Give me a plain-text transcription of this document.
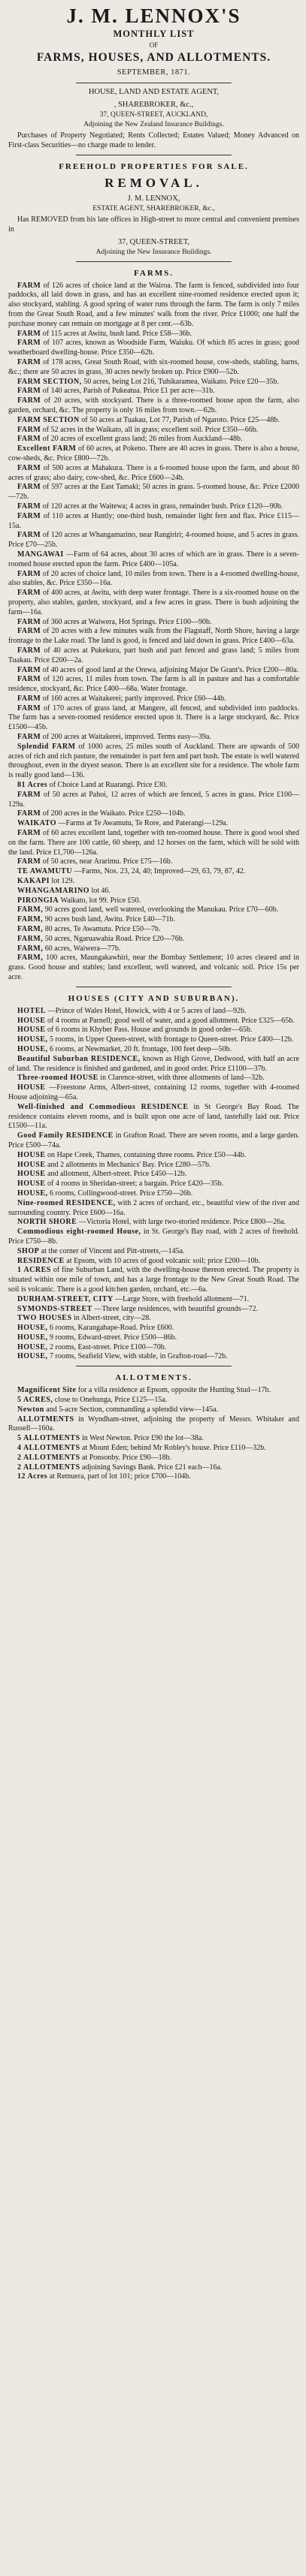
J. M. LENNOX'S

MONTHLY LIST

OF

FARMS, HOUSES, AND ALLOTMENTS.

SEPTEMBER, 1871.

HOUSE, LAND AND ESTATE AGENT,

, SHAREBROKER, &c.,

37, QUEEN-STREET, AUCKLAND,

Adjoining the New Zealand Insurance Buildings.

Purchases of Property Negotiated; Rents Collected; Estates Valued; Money Advanced on First-class Securities—no charge made to lender.

FREEHOLD PROPERTIES FOR SALE.

REMOVAL.

J. M. LENNOX,

ESTATE AGENT, SHAREBROKER, &c.,

Has REMOVED from his late offices in High-street to more central and convenient premises in

37, QUEEN-STREET,

Adjoining the New Insurance Buildings.

FARMS.

FARM of 126 acres of choice land at the Wairoa. The farm is fenced, subdivided into four paddocks, all laid down in grass, and has an excellent nine-roomed residence erected upon it; also stockyard, stabling. A good spring of water runs through the farm. The farm is only 7 miles from the Great South Road, and a few minutes' walk from the river. Price £1000; one half the purchase money can remain on mortgage at 8 per cent.—63b.

FARM of 115 acres at Awitu, bush land. Price £58—36b.

FARM of 107 acres, known as Woodside Farm, Waiuku. Of which 85 acres in grass; good weatherboard dwelling-house. Price £350—62b.

FARM of 178 acres, Great South Road, with six-roomed house, cow-sheds, stabling, barns, &c.; there are 50 acres in grass, 30 acres newly broken up. Price £900—52b.

FARM SECTION, 50 acres, being Lot 216, Tuhikaramea, Waikato. Price £20—35b.

FARM of 140 acres, Parish of Pukeatua. Price £1 per acre—31b.

FARM of 20 acres, with stockyard. There is a three-roomed house upon the farm, also garden, orchard, &c. The property is only 16 miles from town.—62b.

FARM SECTION of 50 acres at Tuakau, Lot 77, Parish of Ngaroto. Price £25—48b.

FARM of 52 acres in the Waikato, all in grass; excellent soil. Price £350—66b.

FARM of 20 acres of excellent grass land; 26 miles from Auckland—48b.

Excellent FARM of 60 acres, at Pokeno. There are 40 acres in grass. There is also a house, cow-sheds, &c. Price £800—72b.

FARM of 500 acres at Mahakura. There is a 6-roomed house upon the farm, and about 80 acres of grass; also dairy, cow-shed, &c. Price £600—24b.

FARM of 597 acres at the East Tamaki; 50 acres in grass. 5-roomed house, &c. Price £2000—72b.

FARM of 120 acres at the Waitewa; 4 acres in grass, remainder bush. Price £120—90b.

FARM of 110 acres at Huntly; one-third bush, remainder light fern and flax. Price £115—15a.

FARM of 120 acres at Whangamarino, near Rangiriri; 4-roomed house, and 5 acres in grass. Price £70—25b.

MANGAWAI —Farm of 64 acres, about 30 acres of which are in grass. There is a seven-roomed house erected upon the farm. Price £400—105a.

FARM of 20 acres of choice land, 10 miles from town. There is a 4-roomed dwelling-house, also stables, &c. Price £350—16a.

FARM of 400 acres, at Awitu, with deep water frontage. There is a six-roomed house on the property, also stables, garden, stockyard, and a few acres in grass. There is bush adjoining the farm—16a.

FARM of 360 acres at Waiwera, Hot Springs. Price £100—90b.

FARM of 20 acres with a few minutes walk from the Flagstaff, North Shore, having a large frontage to the Lake road. The land is good, is fenced and laid down in grass. Price £400—63a.

FARM of 40 acres at Pukekura, part bush and part fenced and grass land; 5 miles from Tuakau. Price £200—2a.

FARM of 40 acres of good land at the Orewa, adjoining Major De Grant's. Price £200—80a.

FARM of 120 acres, 11 miles from town. The farm is all in pasture and has a comfortable residence, stockyard, &c. Price £400—68a. Water frontage.

FARM of 160 acres at Waitakerei; partly improved. Price £60—44b.

FARM of 170 acres of grass land, at Mangere, all fenced, and subdivided into paddocks. The farm has a seven-roomed residence erected upon it. There is a large stockyard, &c. Price £1500—45b.

FARM of 200 acres at Waitakerei, improved. Terms easy—39a.

Splendid FARM of 1000 acres, 25 miles south of Auckland. There are upwards of 500 acres of rich and rich pasture, the remainder is part fern and part bush. The estate is well watered throughout, even in the dryest season. There is an excellent site for a residence. The whole farm is really good land—136.

81 Acres of Choice Land at Ruarangi. Price £30.

FARM of 50 acres at Pahoi, 12 acres of which are fenced, 5 acres in grass. Price £100—129a.

FARM of 200 acres in the Waikato. Price £250—104b.

WAIKATO —Farms at Te Awamutu, Te Rore, and Paterangi—129a.

FARM of 60 acres excellent land, together with ten-roomed house. There is good wool shed on the farm. There are 100 cattle, 60 sheep, and 12 horses on the farm, which will be sold with the land. Price £1,700—126a.

FARM of 50 acres, near Ararimu. Price £75—16b.

TE AWAMUTU —Farms, Nos. 23, 24, 40; Improved—29, 63, 79, 87, 42.

KAKAPI lot 129.

WHANGAMARINO lot 46.

PIRONGIA Waikato, lot 99. Price £50.

FARM, 90 acres good land, well watered, overlooking the Manukau. Price £70—60b.

FARM, 90 acres bush land, Awitu. Price £40—71b.

FARM, 80 acres, Te Awamutu. Price £50—7b.

FARM, 50 acres, Ngaruawahia Road. Price £20—76b.

FARM, 60 acres, Waiwera—77b.

FARM, 100 acres, Maungakawhiri, near the Bombay Settlement; 10 acres cleared and in grass. Good house and stables; land excellent, well watered, and volcanic soil. Price 15s per acre.

HOUSES (CITY AND SUBURBAN).

HOTEL —Prince of Wales Hotel, Howick, with 4 or 5 acres of land—92b.

HOUSE of 4 rooms at Parnell; good well of water, and a good allotment. Price £325—65b.

HOUSE of 6 rooms in Khyber Pass. House and grounds in good order—65b.

HOUSE, 5 rooms, in Upper Queen-street, with frontage to Queen-street. Price £400—12b.

HOUSE, 6 rooms, at Newmarket, 20 ft. frontage, 100 feet deep—50b.

Beautiful Suburban RESIDENCE, known as High Grove, Dedwood, with half an acre of land. The residence is finished and gardened, and in good order. Price £1100—37b.

Three-roomed HOUSE in Clarence-street, with three allotments of land—32b.

HOUSE —Freestone Arms, Albert-street, containing 12 rooms, together with 4-roomed House adjoining—65a.

Well-finished and Commodious RESIDENCE in St George's Bay Road. The residence contains eleven rooms, and is built upon one acre of land, tastefully laid out. Price £1500—11a.

Good Family RESIDENCE in Grafton Road. There are seven rooms, and a large garden. Price £500—74a.

HOUSE on Hape Creek, Thames, containing three rooms. Price £50—44b.

HOUSE and 2 allotments in Mechanics' Bay. Price £280—57b.

HOUSE and allotment, Albert-street. Price £450—12b.

HOUSE of 4 rooms in Sheridan-street; a bargain. Price £420—35b.

HOUSE, 6 rooms, Collingwood-street. Price £750—26b.

Nine-roomed RESIDENCE, with 2 acres of orchard, etc., beautiful view of the river and surrounding country. Price £600—16a.

NORTH SHORE —Victoria Hotel, with large two-storied residence. Price £800—26a.

Commodious eight-roomed House, in St. George's Bay road, with 2 acres of freehold. Price £750—8b.

SHOP at the corner of Vincent and Pitt-streets,—145a.

RESIDENCE at Epsom, with 10 acres of good volcanic soil; price £200—10b.

1 ACRES of fine Suburban Land, with the dwelling-house thereon erected. The property is situated within one mile of town, and has a large frontage to the New Great South Road. The soil is volcanic. There is a good kitchen garden, orchard, etc.—6a.

DURHAM-STREET, CITY —Large Store, with freehold allotment—71.

SYMONDS-STREET —Three large residences, with beautiful grounds—72.

TWO HOUSES in Albert-street, city—28.

HOUSE, 6 rooms, Karangahape-Road. Price £600.

HOUSE, 9 rooms, Edward-street. Price £500—86b.

HOUSE, 2 rooms, East-street. Price £100—70b.

HOUSE, 7 rooms, Seafield View, with stable, in Grafton-road—72b.

ALLOTMENTS.

Magnificent Site for a villa residence at Epsom, opposite the Hunting Stud—17b.

5 ACRES, close to Onehunga, Price £125—15a.

Newton and 5-acre Section, commanding a splendid view—145a.

ALLOTMENTS in Wyndham-street, adjoining the property of Messrs. Whitaker and Russell—160a.

5 ALLOTMENTS in West Newton. Price £90 the lot—38a.

4 ALLOTMENTS at Mount Eden; behind Mr Robley's house. Price £110—32b.

2 ALLOTMENTS at Ponsonby. Price £90—18b.

2 ALLOTMENTS adjoining Savings Bank. Price £21 each—16a.

12 Acres at Remuera, part of lot 101; price £700—104b.
